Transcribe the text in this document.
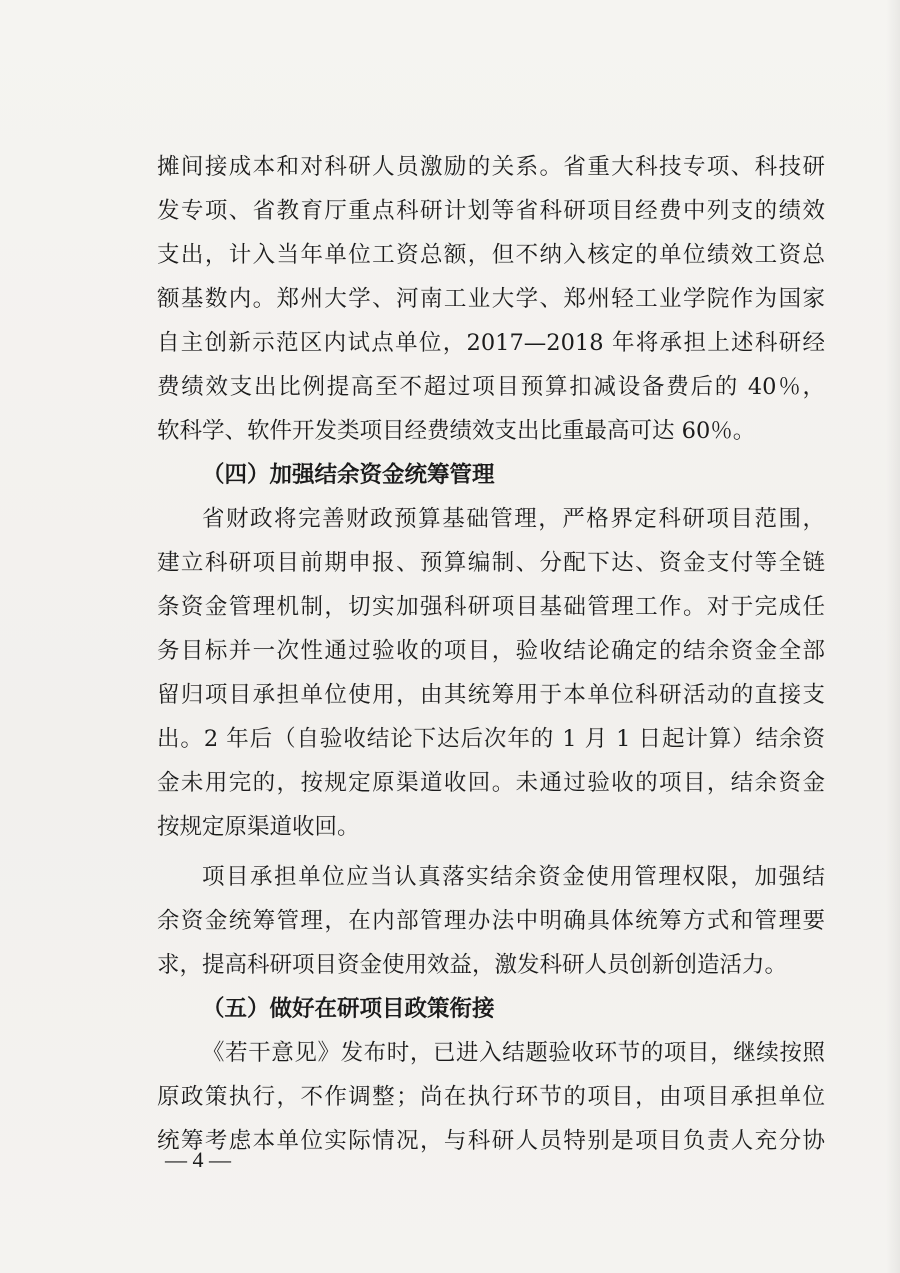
摊间接成本和对科研人员激励的关系。省重大科技专项、科技研
发专项、省教育厅重点科研计划等省科研项目经费中列支的绩效
支出，计入当年单位工资总额，但不纳入核定的单位绩效工资总
额基数内。郑州大学、河南工业大学、郑州轻工业学院作为国家
自主创新示范区内试点单位，2017—2018 年将承担上述科研经
费绩效支出比例提高至不超过项目预算扣减设备费后的 40％，
软科学、软件开发类项目经费绩效支出比重最高可达 60％。
（四）加强结余资金统筹管理
省财政将完善财政预算基础管理，严格界定科研项目范围，
建立科研项目前期申报、预算编制、分配下达、资金支付等全链
条资金管理机制，切实加强科研项目基础管理工作。对于完成任
务目标并一次性通过验收的项目，验收结论确定的结余资金全部
留归项目承担单位使用，由其统筹用于本单位科研活动的直接支
出。2 年后（自验收结论下达后次年的 1 月 1 日起计算）结余资
金未用完的，按规定原渠道收回。未通过验收的项目，结余资金
按规定原渠道收回。
项目承担单位应当认真落实结余资金使用管理权限，加强结
余资金统筹管理，在内部管理办法中明确具体统筹方式和管理要
求，提高科研项目资金使用效益，激发科研人员创新创造活力。
（五）做好在研项目政策衔接
《若干意见》发布时，已进入结题验收环节的项目，继续按照
原政策执行，不作调整；尚在执行环节的项目，由项目承担单位
统筹考虑本单位实际情况，与科研人员特别是项目负责人充分协
— 4 —
